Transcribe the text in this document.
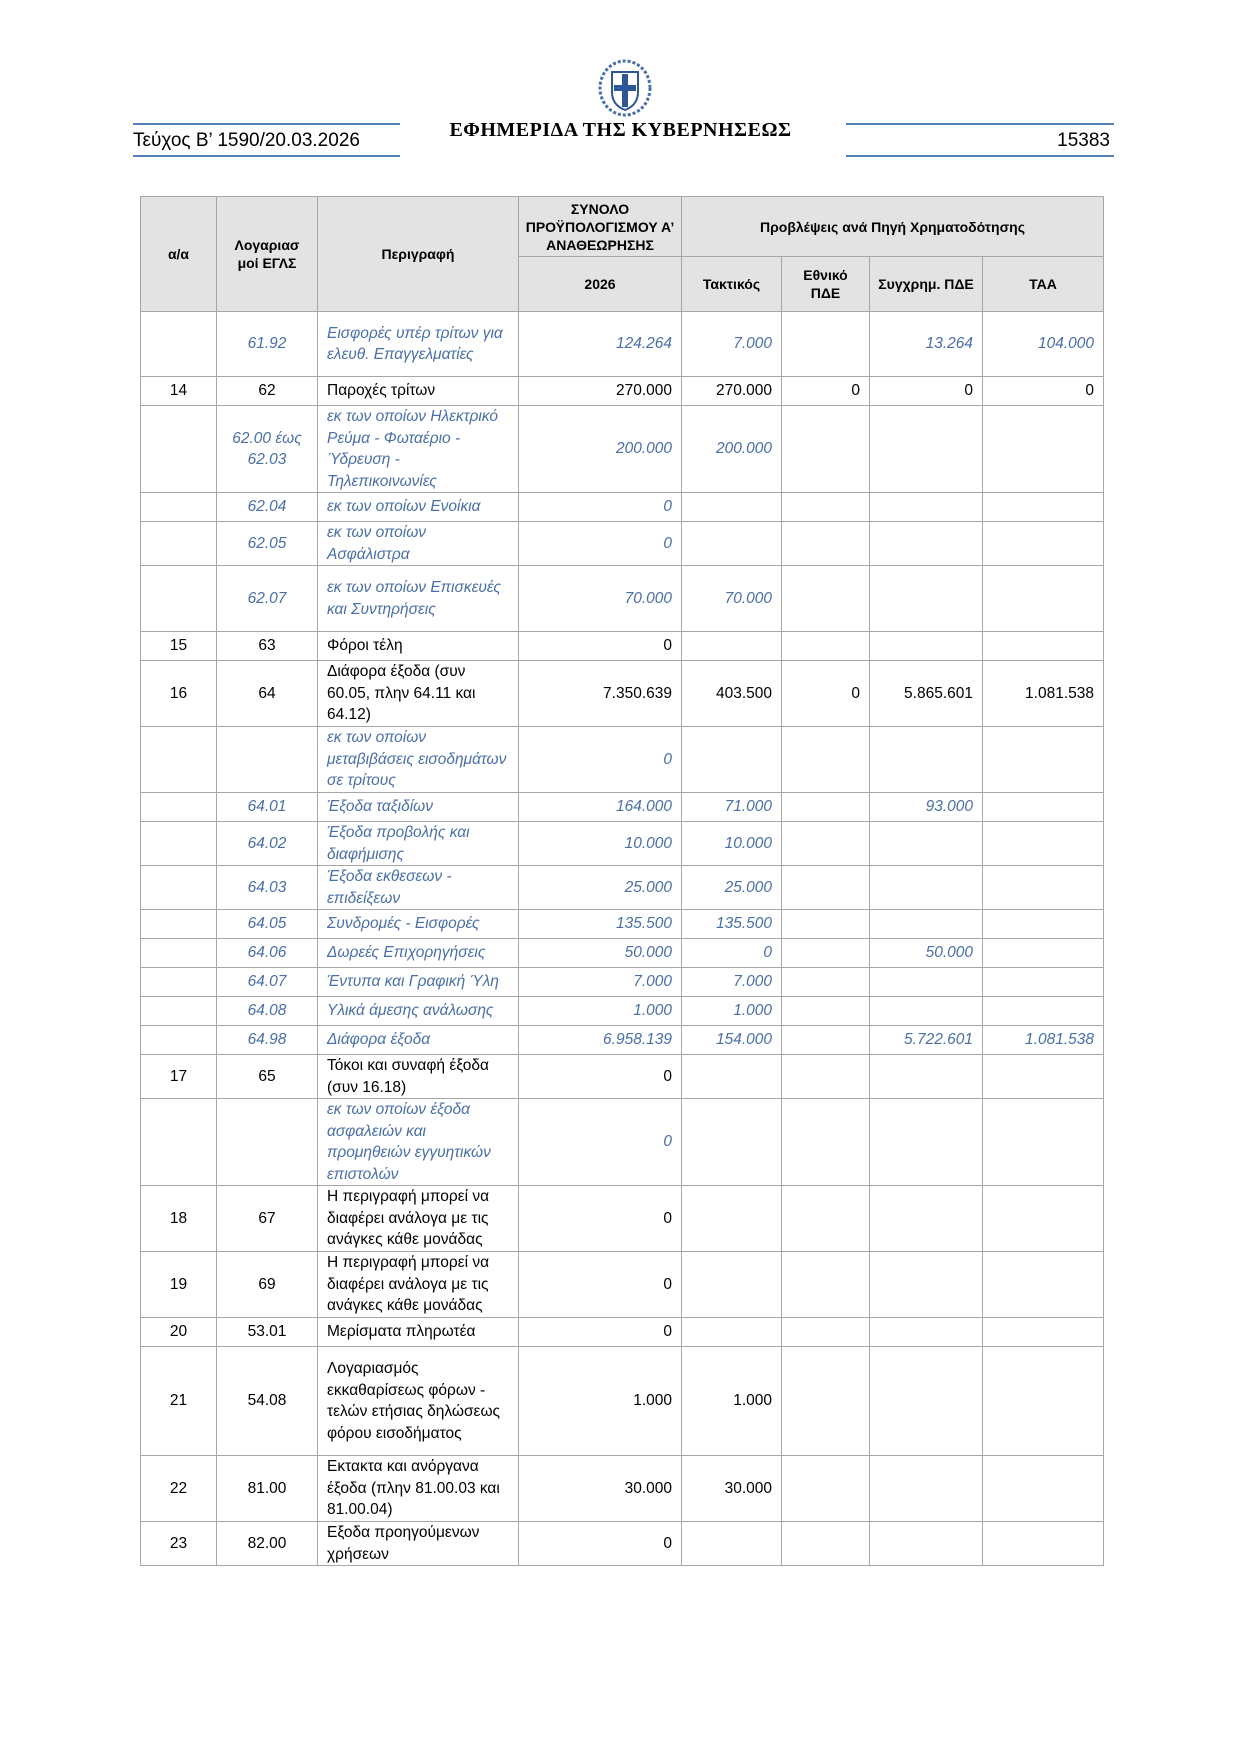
ΕΦΗΜΕΡΙΔΑ ΤΗΣ ΚΥΒΕΡΝΗΣΕΩΣ
Τεύχος Β’ 1590/20.03.2026	15383
α/α	Λογαριασ μοί ΕΓΛΣ	Περιγραφή	ΣΥΝΟΛΟ ΠΡΟΫΠΟΛΟΓΙΣΜΟΥ Α’ ΑΝΑΘΕΩΡΗΣΗΣ	Προβλέψεις ανά Πηγή Χρηματοδότησης			
			2026	Τακτικός	Εθνικό ΠΔΕ	Συγχρημ. ΠΔΕ	ΤΑΑ
	61.92	Εισφορές υπέρ τρίτων για ελευθ. Επαγγελματίες	124.264	7.000		13.264	104.000
14	62	Παροχές τρίτων	270.000	270.000	0	0	0
	62.00 έως 62.03	εκ των οποίων Ηλεκτρικό Ρεύμα - Φωταέριο - Ύδρευση - Τηλεπικοινωνίες	200.000	200.000			
	62.04	εκ των οποίων Ενοίκια	0				
	62.05	εκ των οποίων Ασφάλιστρα	0				
	62.07	εκ των οποίων Επισκευές και Συντηρήσεις	70.000	70.000			
15	63	Φόροι τέλη	0				
16	64	Διάφορα έξοδα (συν 60.05, πλην 64.11 και 64.12)	7.350.639	403.500	0	5.865.601	1.081.538
		εκ των οποίων μεταβιβάσεις εισοδημάτων σε τρίτους	0				
	64.01	Έξοδα ταξιδίων	164.000	71.000		93.000	
	64.02	Έξοδα προβολής και διαφήμισης	10.000	10.000			
	64.03	Έξοδα εκθεσεων - επιδείξεων	25.000	25.000			
	64.05	Συνδρομές - Εισφορές	135.500	135.500			
	64.06	Δωρεές Επιχορηγήσεις	50.000	0		50.000	
	64.07	Έντυπα και Γραφική Ύλη	7.000	7.000			
	64.08	Υλικά άμεσης ανάλωσης	1.000	1.000			
	64.98	Διάφορα έξοδα	6.958.139	154.000		5.722.601	1.081.538
17	65	Τόκοι και συναφή έξοδα (συν 16.18)	0				
		εκ των οποίων έξοδα ασφαλειών και προμηθειών εγγυητικών επιστολών	0				
18	67	Η περιγραφή μπορεί να διαφέρει ανάλογα με τις ανάγκες κάθε μονάδας	0				
19	69	Η περιγραφή μπορεί να διαφέρει ανάλογα με τις ανάγκες κάθε μονάδας	0				
20	53.01	Μερίσματα πληρωτέα	0				
21	54.08	Λογαριασμός εκκαθαρίσεως φόρων - τελών ετήσιας δηλώσεως φόρου εισοδήματος	1.000	1.000			
22	81.00	Εκτακτα και ανόργανα έξοδα (πλην 81.00.03 και 81.00.04)	30.000	30.000			
23	82.00	Εξοδα προηγούμενων χρήσεων	0				
